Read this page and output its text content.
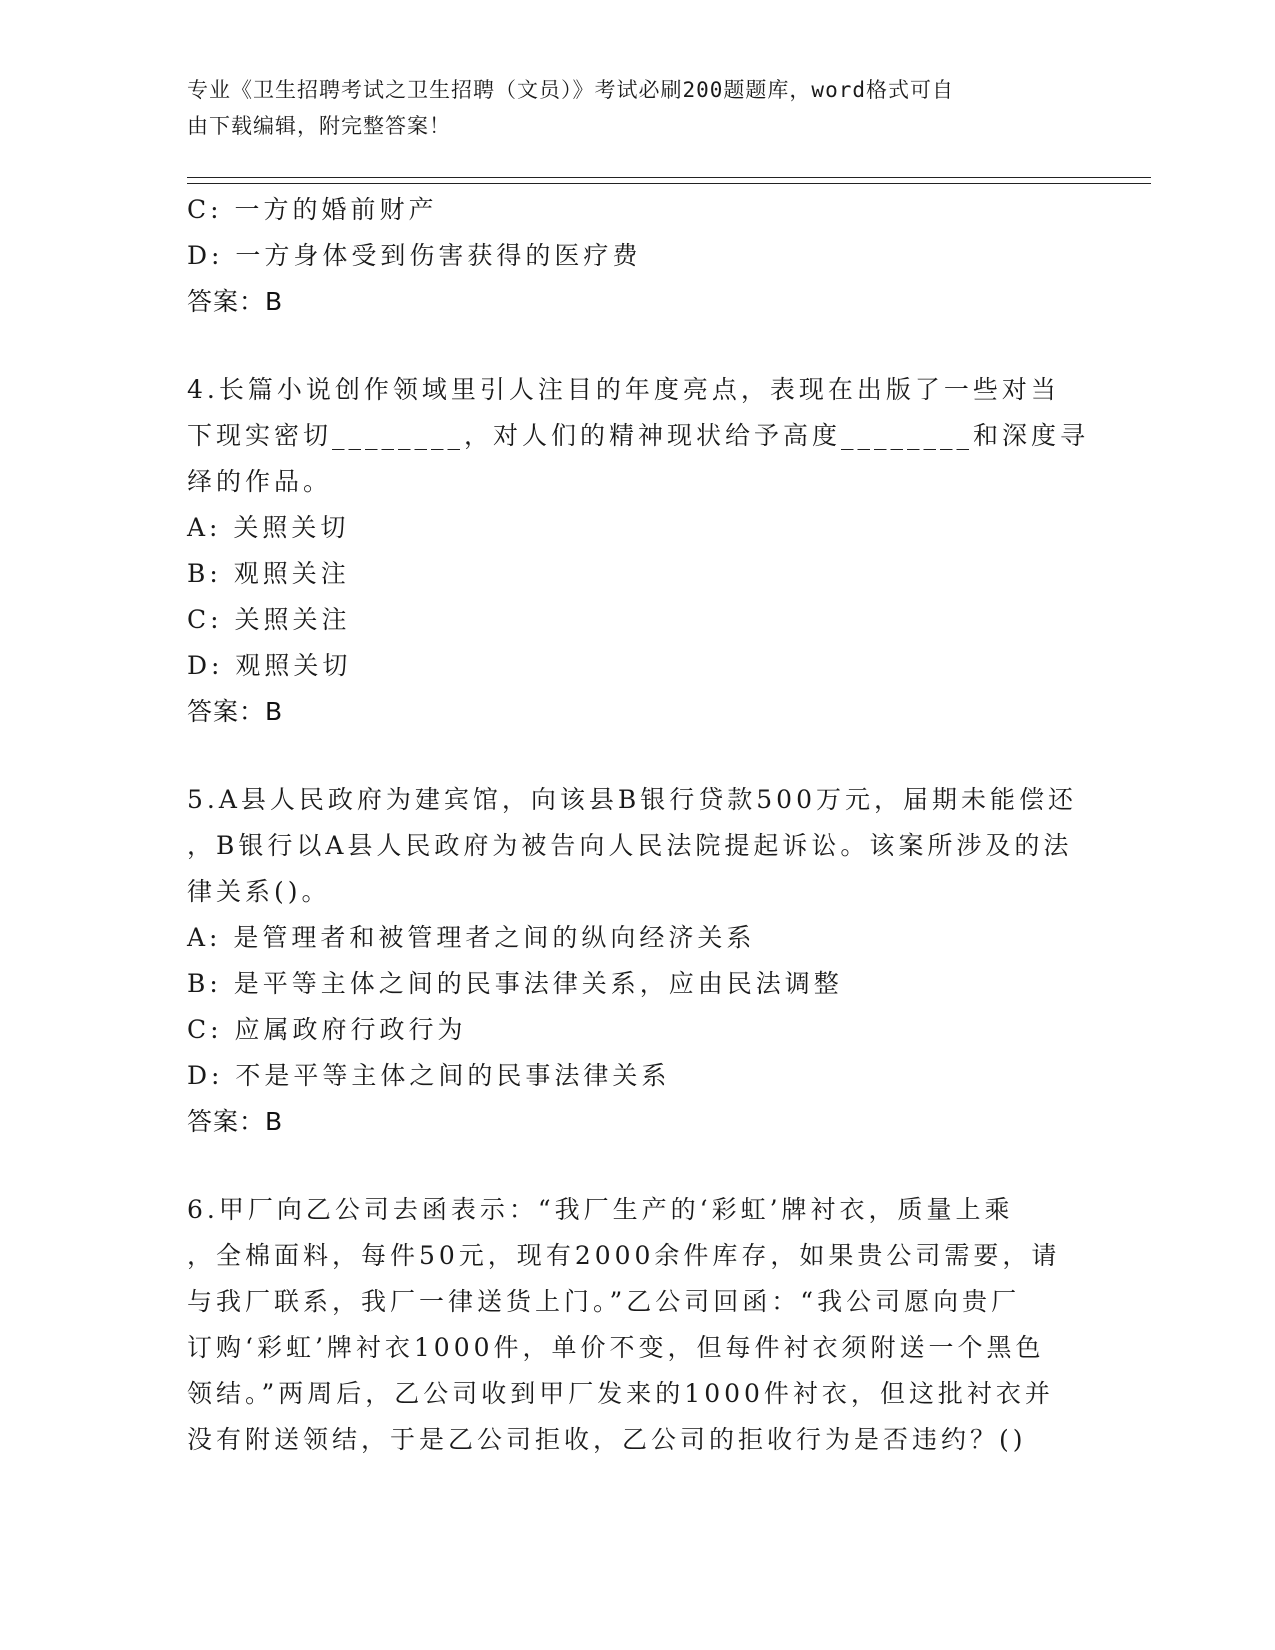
专业《卫生招聘考试之卫生招聘（文员）》考试必刷200题题库，word格式可自
由下载编辑，附完整答案！
C: 一方的婚前财产
D: 一方身体受到伤害获得的医疗费
答案：B
4.长篇小说创作领域里引人注目的年度亮点，表现在出版了一些对当
下现实密切________，对人们的精神现状给予高度________和深度寻
绎的作品。
A: 关照关切
B: 观照关注
C: 关照关注
D: 观照关切
答案：B
5.A县人民政府为建宾馆，向该县B银行贷款500万元，届期未能偿还
，B银行以A县人民政府为被告向人民法院提起诉讼。该案所涉及的法
律关系()。
A: 是管理者和被管理者之间的纵向经济关系
B: 是平等主体之间的民事法律关系，应由民法调整
C: 应属政府行政行为
D: 不是平等主体之间的民事法律关系
答案：B
6.甲厂向乙公司去函表示：“我厂生产的‘彩虹’牌衬衣，质量上乘
，全棉面料，每件50元，现有2000余件库存，如果贵公司需要，请
与我厂联系，我厂一律送货上门。”乙公司回函：“我公司愿向贵厂
订购‘彩虹’牌衬衣1000件，单价不变，但每件衬衣须附送一个黑色
领结。”两周后，乙公司收到甲厂发来的1000件衬衣，但这批衬衣并
没有附送领结，于是乙公司拒收，乙公司的拒收行为是否违约？()
